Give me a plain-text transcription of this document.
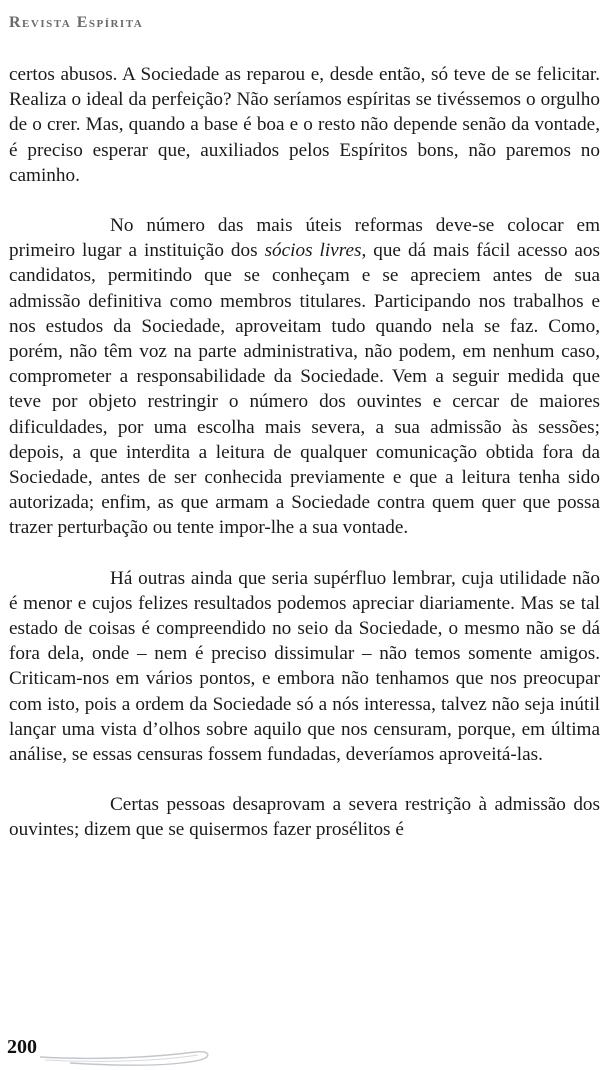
Revista Espírita

certos abusos. A Sociedade as reparou e, desde então, só teve de se felicitar. Realiza o ideal da perfeição? Não seríamos espíritas se tivéssemos o orgulho de o crer. Mas, quando a base é boa e o resto não depende senão da vontade, é preciso esperar que, auxiliados pelos Espíritos bons, não paremos no caminho.

No número das mais úteis reformas deve-se colocar em primeiro lugar a instituição dos sócios livres, que dá mais fácil acesso aos candidatos, permitindo que se conheçam e se apreciem antes de sua admissão definitiva como membros titulares. Participando nos trabalhos e nos estudos da Sociedade, aproveitam tudo quando nela se faz. Como, porém, não têm voz na parte administrativa, não podem, em nenhum caso, comprometer a responsabilidade da Sociedade. Vem a seguir medida que teve por objeto restringir o número dos ouvintes e cercar de maiores dificuldades, por uma escolha mais severa, a sua admissão às sessões; depois, a que interdita a leitura de qualquer comunicação obtida fora da Sociedade, antes de ser conhecida previamente e que a leitura tenha sido autorizada; enfim, as que armam a Sociedade contra quem quer que possa trazer perturbação ou tente impor-lhe a sua vontade.

Há outras ainda que seria supérfluo lembrar, cuja utilidade não é menor e cujos felizes resultados podemos apreciar diariamente. Mas se tal estado de coisas é compreendido no seio da Sociedade, o mesmo não se dá fora dela, onde – nem é preciso dissimular – não temos somente amigos. Criticam-nos em vários pontos, e embora não tenhamos que nos preocupar com isto, pois a ordem da Sociedade só a nós interessa, talvez não seja inútil lançar uma vista d’olhos sobre aquilo que nos censuram, porque, em última análise, se essas censuras fossem fundadas, deveríamos aproveitá-las.

Certas pessoas desaprovam a severa restrição à admissão dos ouvintes; dizem que se quisermos fazer prosélitos é

200
